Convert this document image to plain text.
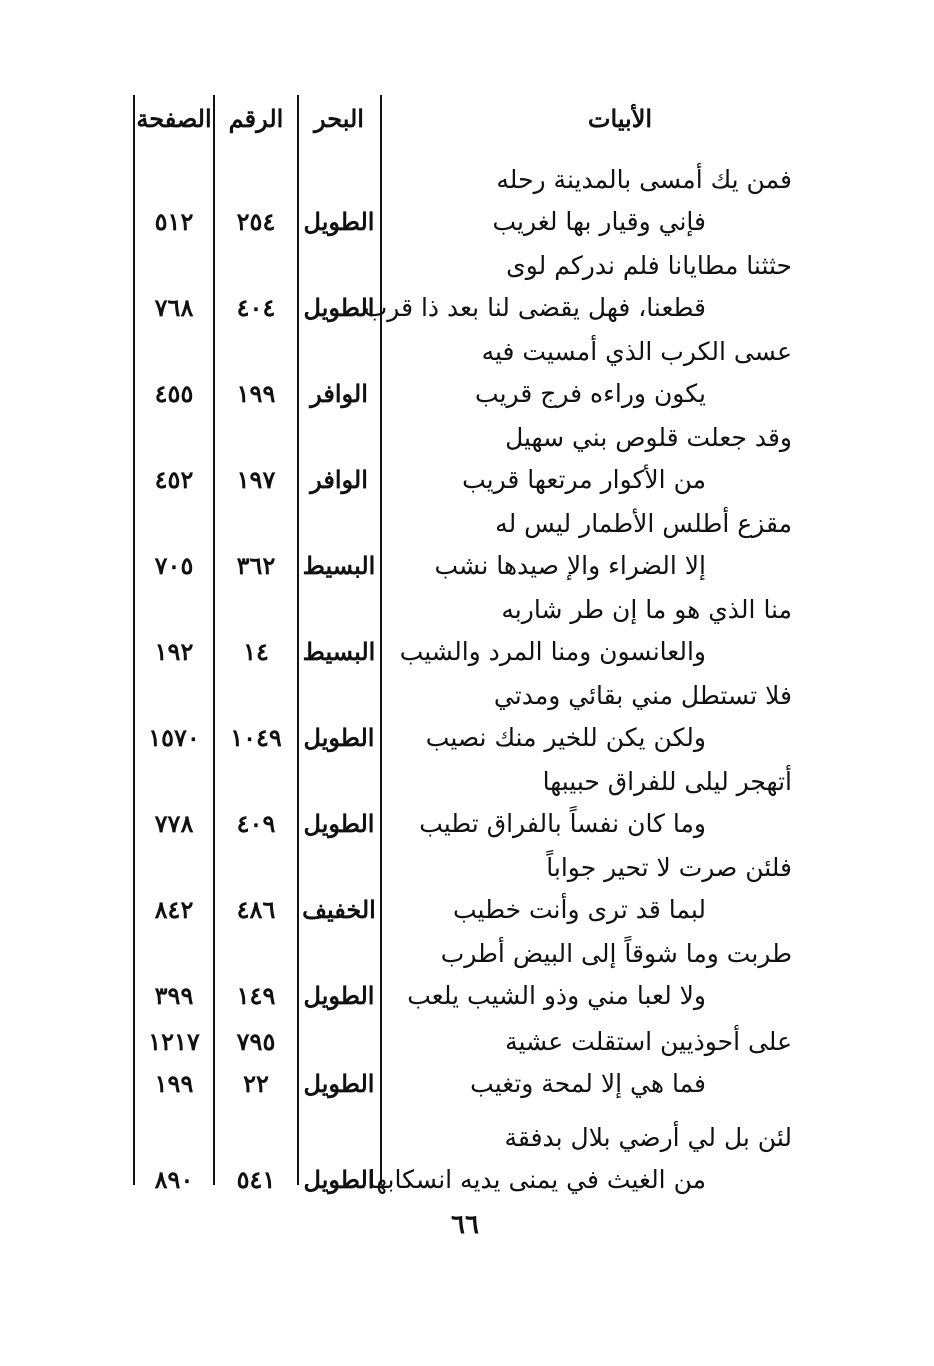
الأبيات
البحر
الرقم
الصفحة
فمن يك أمسى بالمدينة رحله
فإني وقيار بها لغريب
الطويل
٢٥٤
٥١٢
حثثنا مطايانا فلم ندركم لوى
قطعنا، فهل يقضى لنا بعد ذا قرب
الطويل
٤٠٤
٧٦٨
عسى الكرب الذي أمسيت فيه
يكون وراءه فرج قريب
الوافر
١٩٩
٤٥٥
وقد جعلت قلوص بني سهيل
من الأكوار مرتعها قريب
الوافر
١٩٧
٤٥٢
مقزع أطلس الأطمار ليس له
إلا الضراء والإ صيدها نشب
البسيط
٣٦٢
٧٠٥
منا الذي هو ما إن طر شاربه
والعانسون ومنا المرد والشيب
البسيط
١٤
١٩٢
فلا تستطل مني بقائي ومدتي
ولكن يكن للخير منك نصيب
الطويل
١٠٤٩
١٥٧٠
أتهجر ليلى للفراق حبيبها
وما كان نفساً بالفراق تطيب
الطويل
٤٠٩
٧٧٨
فلئن صرت لا تحير جواباً
لبما قد ترى وأنت خطيب
الخفيف
٤٨٦
٨٤٢
طربت وما شوقاً إلى البيض أطرب
ولا لعبا مني وذو الشيب يلعب
الطويل
١٤٩
٣٩٩
٧٩٥
١٢١٧	على أحوذيين استقلت عشية
فما هي إلا لمحة وتغيب
الطويل
٢٢
١٩٩
لئن بل لي أرضي بلال بدفقة
من الغيث في يمنى يديه انسكابها
الطويل
٥٤١
٨٩٠
٦٦
